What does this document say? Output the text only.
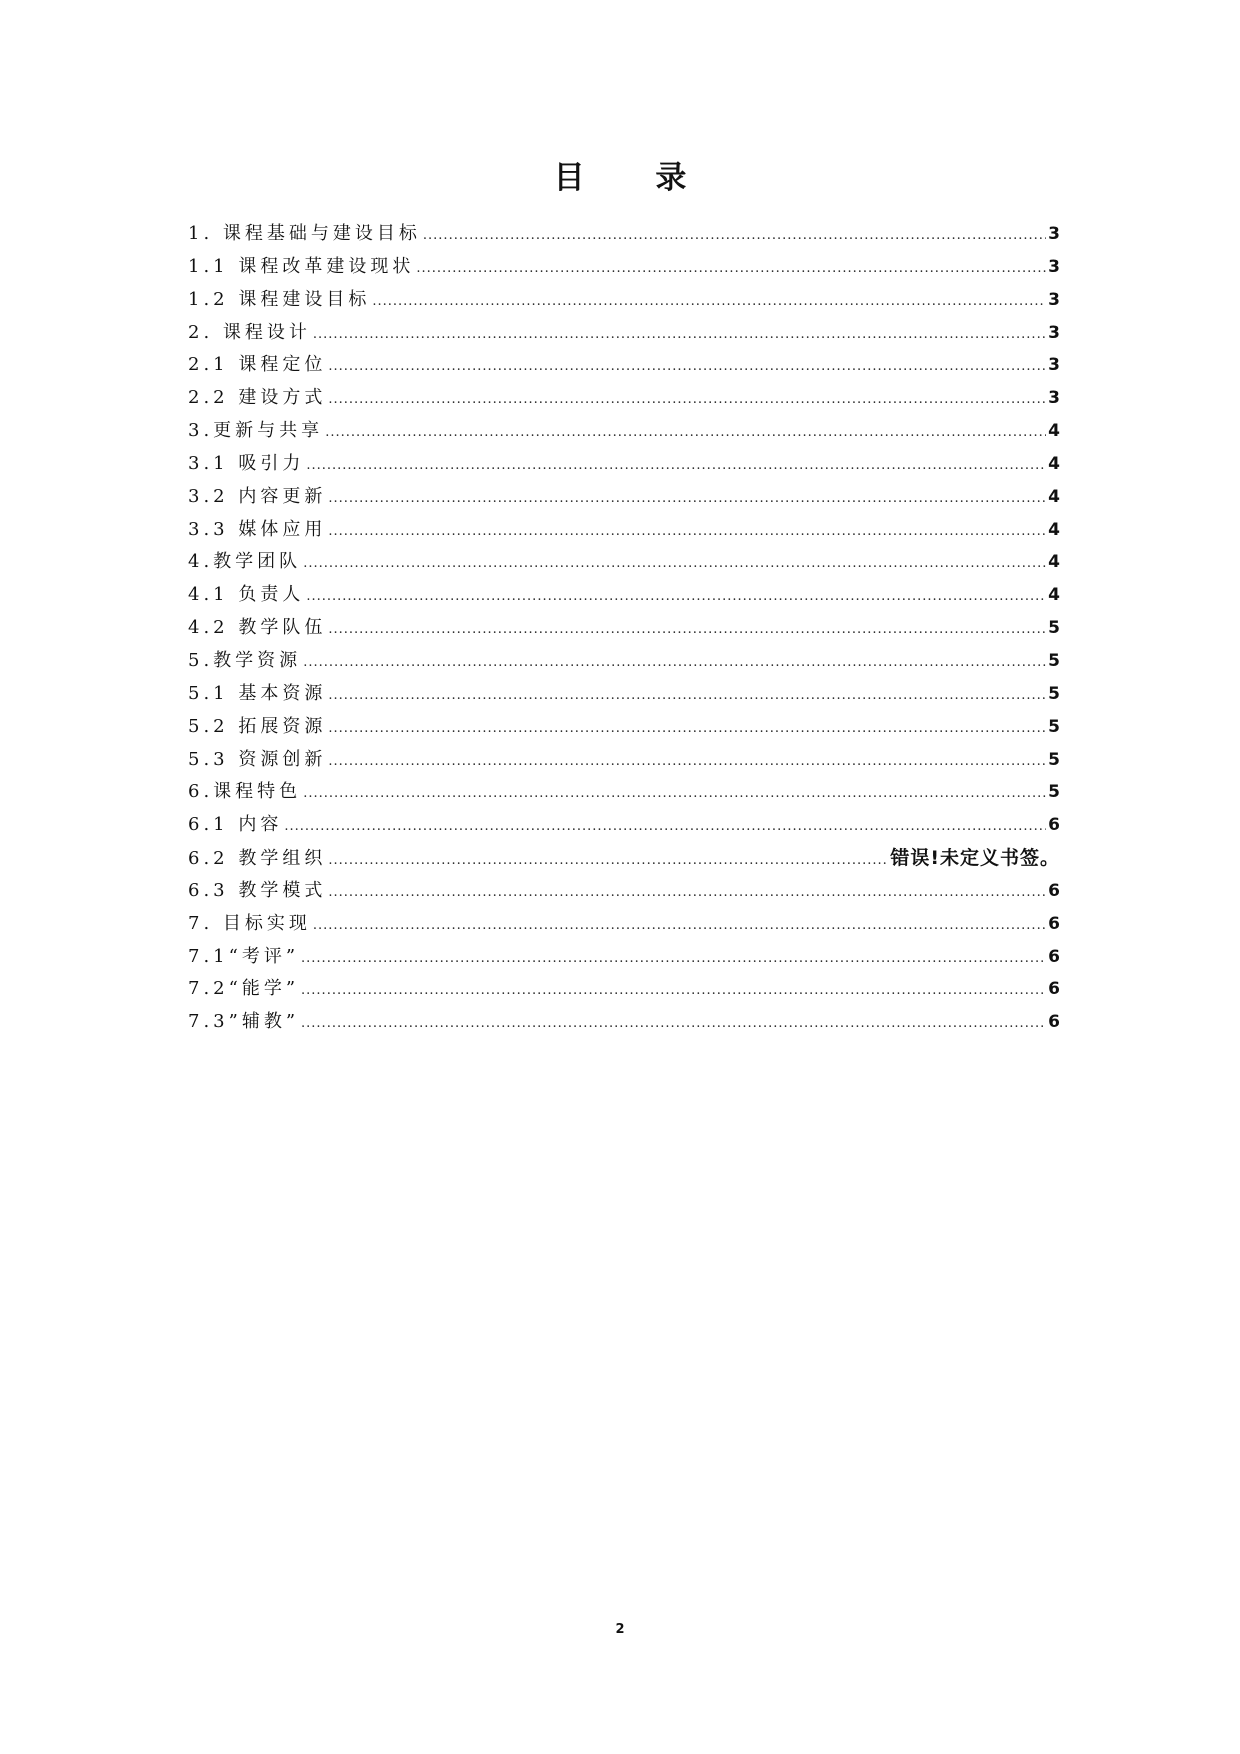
目 录
1. 课程基础与建设目标 .....	3
1.1 课程改革建设现状 .....	3
1.2 课程建设目标 .....	3
2. 课程设计 .....	3
2.1 课程定位 .....	3
2.2 建设方式 .....	3
3.更新与共享 .....	4
3.1 吸引力 .....	4
3.2 内容更新 .....	4
3.3 媒体应用 .....	4
4.教学团队 .....	4
4.1 负责人 .....	4
4.2 教学队伍 .....	5
5.教学资源 .....	5
5.1 基本资源 .....	5
5.2 拓展资源 .....	5
5.3 资源创新 .....	5
6.课程特色 .....	5
6.1 内容 .....	6
6.2 教学组织 .....	错误!未定义书签。
6.3 教学模式 .....	6
7. 目标实现 .....	6
7.1“考评” .....	6
7.2“能学” .....	6
7.3”辅教” .....	6
2
